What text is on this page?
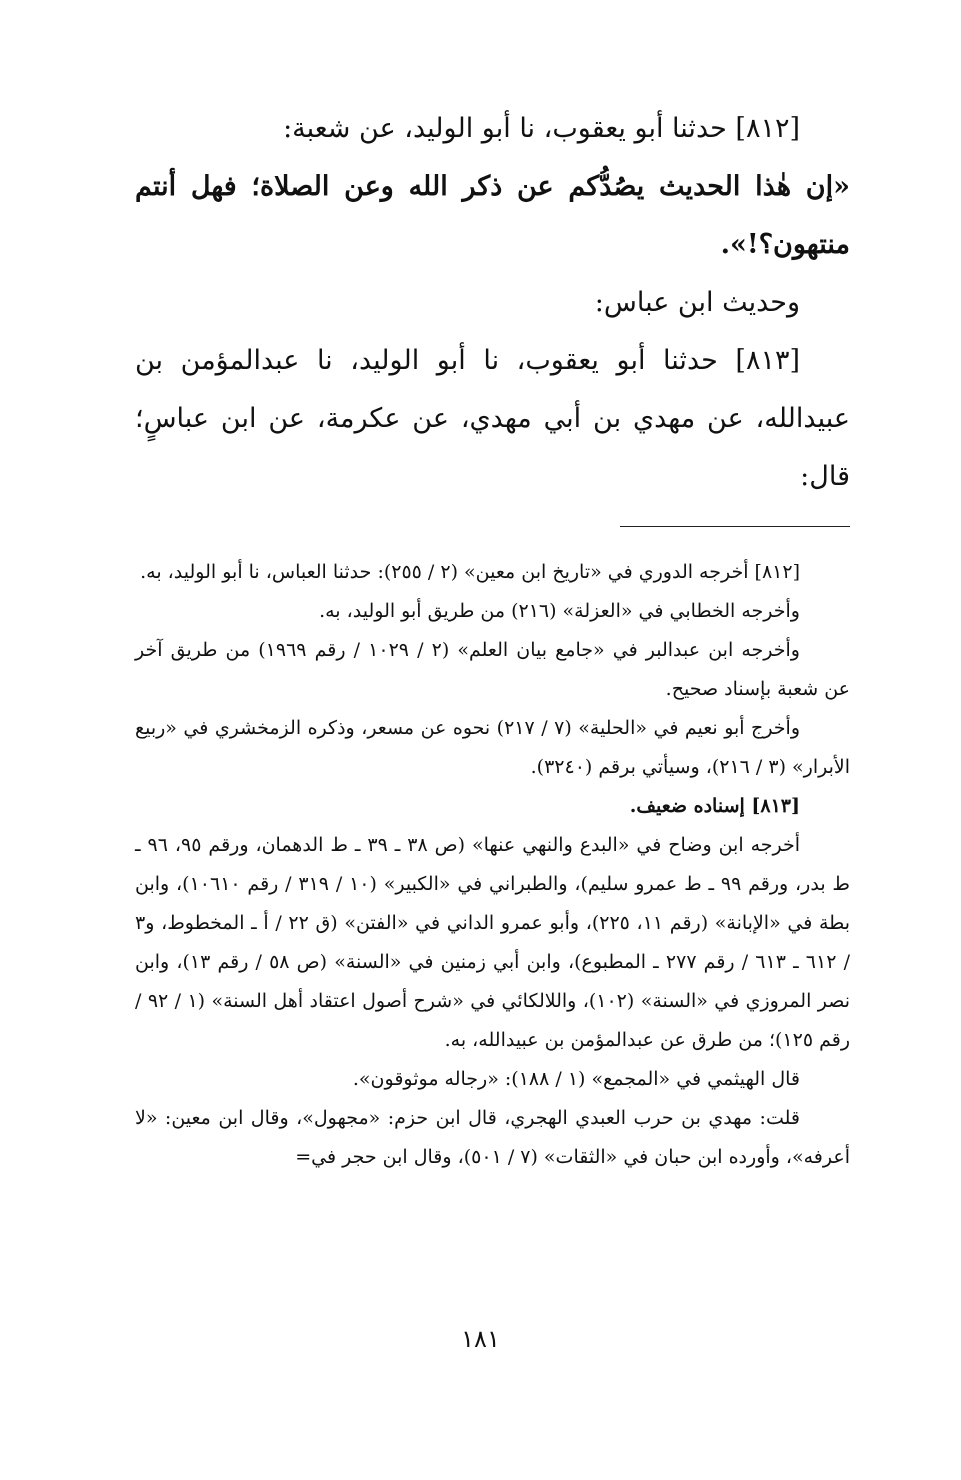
[٨١٢] حدثنا أبو يعقوب، نا أبو الوليد، عن شعبة:

«إن هٰذا الحديث يصُدُّكم عن ذكر الله وعن الصلاة؛ فهل أنتم منتهون؟!».

وحديث ابن عباس:

[٨١٣] حدثنا أبو يعقوب، نا أبو الوليد، نا عبدالمؤمن بن عبيدالله، عن مهدي بن أبي مهدي، عن عكرمة، عن ابن عباسٍ؛ قال:

[٨١٢] أخرجه الدوري في «تاريخ ابن معين» (٢ / ٢٥٥): حدثنا العباس، نا أبو الوليد، به.

وأخرجه الخطابي في «العزلة» (٢١٦) من طريق أبو الوليد، به.

وأخرجه ابن عبدالبر في «جامع بيان العلم» (٢ / ١٠٢٩ / رقم ١٩٦٩) من طريق آخر عن شعبة بإسناد صحيح.

وأخرج أبو نعيم في «الحلية» (٧ / ٢١٧) نحوه عن مسعر، وذكره الزمخشري في «ربيع الأبرار» (٣ / ٢١٦)، وسيأتي برقم (٣٢٤٠).

[٨١٣] إسناده ضعيف.

أخرجه ابن وضاح في «البدع والنهي عنها» (ص ٣٨ ـ ٣٩ ـ ط الدهمان، ورقم ٩٥، ٩٦ ـ ط بدر، ورقم ٩٩ ـ ط عمرو سليم)، والطبراني في «الكبير» (١٠ / ٣١٩ / رقم ١٠٦١٠)، وابن بطة في «الإبانة» (رقم ١١، ٢٢٥)، وأبو عمرو الداني في «الفتن» (ق ٢٢ / أ ـ المخطوط، و٣ / ٦١٢ ـ ٦١٣ / رقم ٢٧٧ ـ المطبوع)، وابن أبي زمنين في «السنة» (ص ٥٨ / رقم ١٣)، وابن نصر المروزي في «السنة» (١٠٢)، واللالكائي في «شرح أصول اعتقاد أهل السنة» (١ / ٩٢ / رقم ١٢٥)؛ من طرق عن عبدالمؤمن بن عبيدالله، به.

قال الهيثمي في «المجمع» (١ / ١٨٨): «رجاله موثوقون».

قلت: مهدي بن حرب العبدي الهجري، قال ابن حزم: «مجهول»، وقال ابن معين: «لا أعرفه»، وأورده ابن حبان في «الثقات» (٧ / ٥٠١)، وقال ابن حجر في=

١٨١
